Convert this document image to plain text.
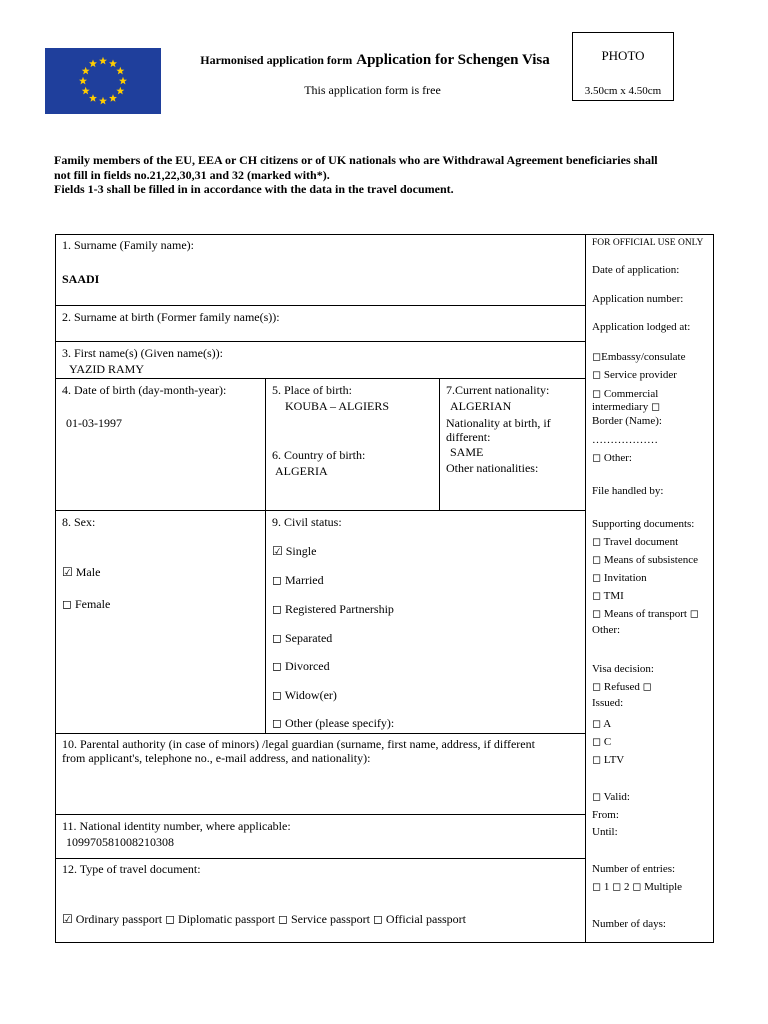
Harmonised application form Application for Schengen Visa
This application form is free
PHOTO
3.50cm x 4.50cm
Family members of the EU, EEA or CH citizens or of UK nationals who are Withdrawal Agreement beneficiaries shall
not fill in fields no.21,22,30,31 and 32 (marked with*).
Fields 1-3 shall be filled in in accordance with the data in the travel document.
1. Surname (Family name):
SAADI
2. Surname at birth (Former family name(s)):
3. First name(s) (Given name(s)):
YAZID RAMY
4. Date of birth (day-month-year):
01-03-1997
5. Place of birth:
KOUBA – ALGIERS
6. Country of birth:
ALGERIA
7.Current nationality:
ALGERIAN
Nationality at birth, if
different:
SAME
Other nationalities:
8. Sex:
☑ Male
◻ Female
9. Civil status:
☑ Single
◻ Married
◻ Registered Partnership
◻ Separated
◻ Divorced
◻ Widow(er)
◻ Other (please specify):
10. Parental authority (in case of minors) /legal guardian (surname, first name, address, if different
from applicant's, telephone no., e-mail address, and nationality):
11. National identity number, where applicable:
109970581008210308
12. Type of travel document:
☑ Ordinary passport ◻ Diplomatic passport ◻ Service passport ◻ Official passport
FOR OFFICIAL USE ONLY
Date of application:
Application number:
Application lodged at:
◻Embassy/consulate
◻ Service provider
◻ Commercial
intermediary ◻
Border (Name):
………………
◻ Other:
File handled by:
Supporting documents:
◻ Travel document
◻ Means of subsistence
◻ Invitation
◻ TMI
◻ Means of transport ◻
Other:
Visa decision:
◻ Refused ◻
Issued:
◻ A
◻ C
◻ LTV
◻ Valid:
From:
Until:
Number of entries:
◻ 1 ◻ 2 ◻ Multiple
Number of days:
